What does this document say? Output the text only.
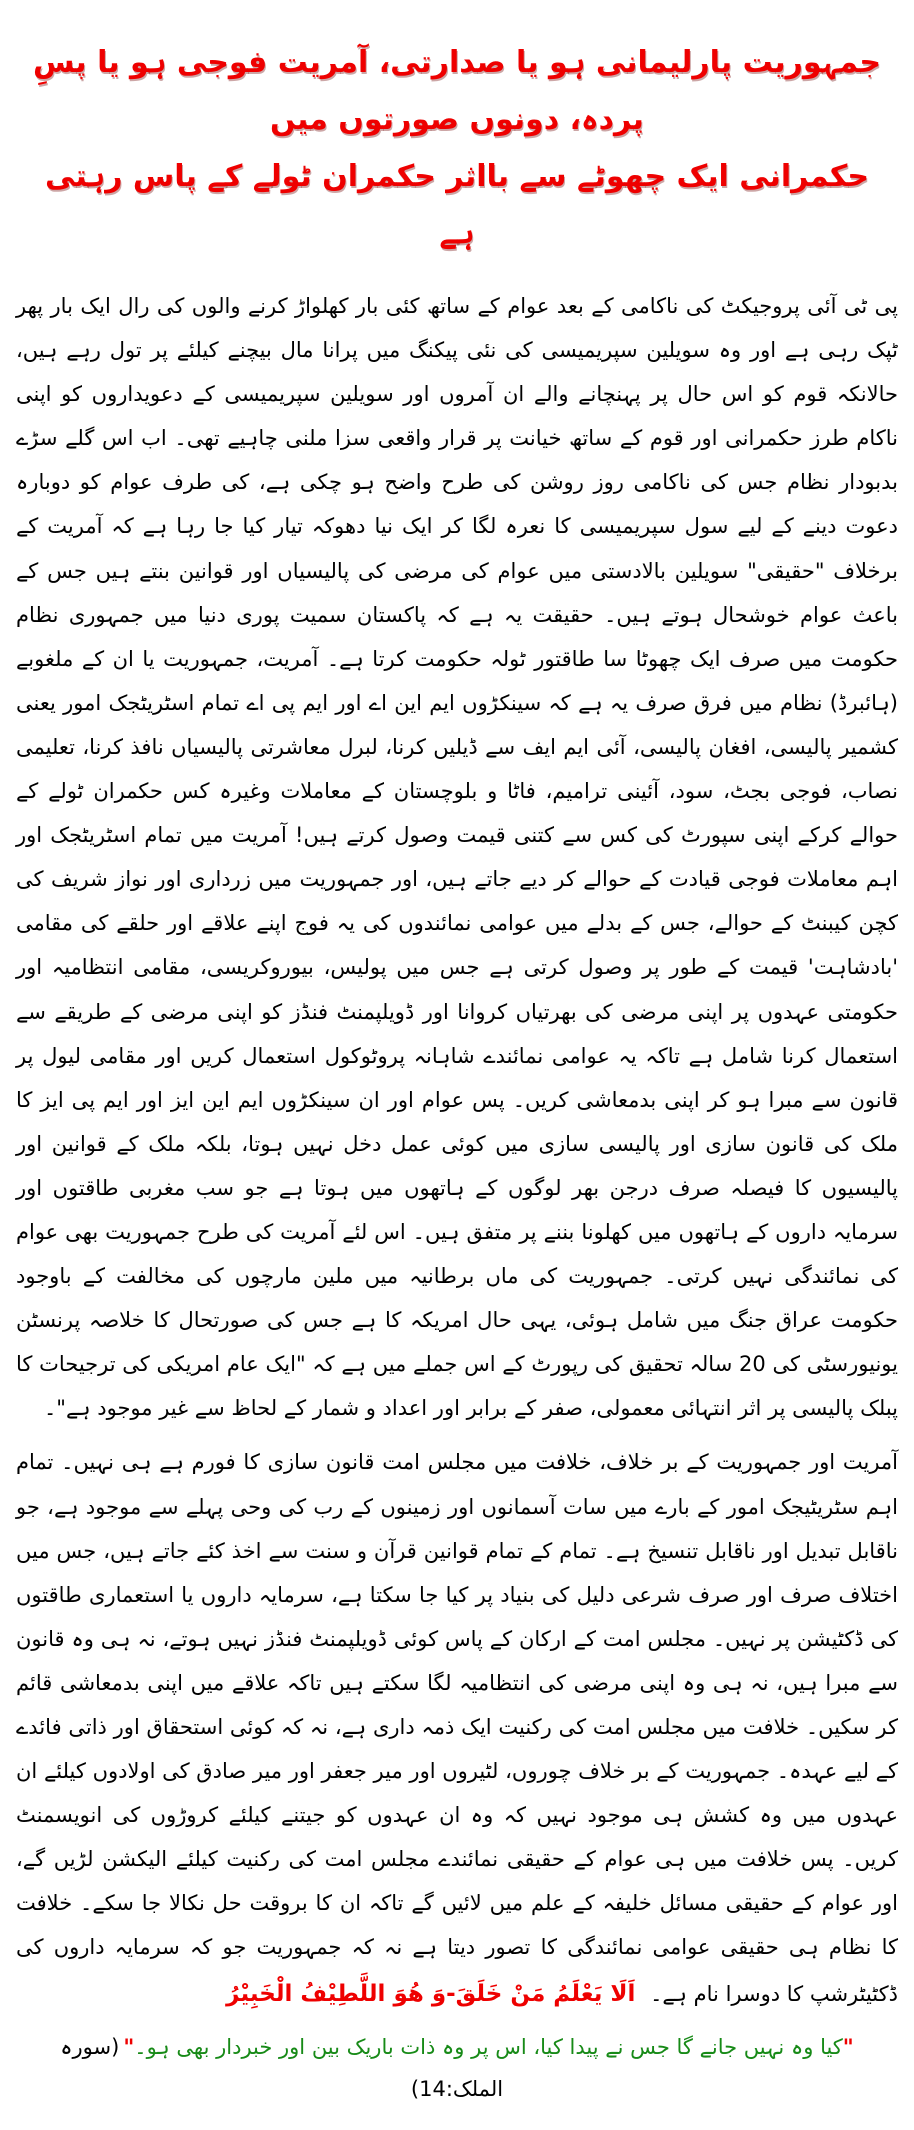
جمہوریت پارلیمانی ہو یا صدارتی، آمریت فوجی ہو یا پسِ پردہ، دونوں صورتوں میں
حکمرانی ایک چھوٹے سے بااثر حکمران ٹولے کے پاس رہتی ہے

پی ٹی آئی پروجیکٹ کی ناکامی کے بعد عوام کے ساتھ کئی بار کھلواڑ کرنے والوں کی رال ایک بار پھر ٹپک رہی ہے اور وہ سویلین سپریمیسی کی نئی پیکنگ میں پرانا مال بیچنے کیلئے پر تول رہے ہیں، حالانکہ قوم کو اس حال پر پہنچانے والے ان آمروں اور سویلین سپریمیسی کے دعویداروں کو اپنی ناکام طرز حکمرانی اور قوم کے ساتھ خیانت پر قرار واقعی سزا ملنی چاہیے تھی۔ اب اس گلے سڑے بدبودار نظام جس کی ناکامی روز روشن کی طرح واضح ہو چکی ہے، کی طرف عوام کو دوبارہ دعوت دینے کے لیے سول سپریمیسی کا نعرہ لگا کر ایک نیا دھوکہ تیار کیا جا رہا ہے کہ آمریت کے برخلاف "حقیقی" سویلین بالادستی میں عوام کی مرضی کی پالیسیاں اور قوانین بنتے ہیں جس کے باعث عوام خوشحال ہوتے ہیں۔ حقیقت یہ ہے کہ پاکستان سمیت پوری دنیا میں جمہوری نظام حکومت میں صرف ایک چھوٹا سا طاقتور ٹولہ حکومت کرتا ہے۔ آمریت، جمہوریت یا ان کے ملغوبے (ہائبرڈ) نظام میں فرق صرف یہ ہے کہ سینکڑوں ایم این اے اور ایم پی اے تمام اسٹریٹجک امور یعنی کشمیر پالیسی، افغان پالیسی، آئی ایم ایف سے ڈیلیں کرنا، لبرل معاشرتی پالیسیاں نافذ کرنا، تعلیمی نصاب، فوجی بجٹ، سود، آئینی ترامیم، فاٹا و بلوچستان کے معاملات وغیرہ کس حکمران ٹولے کے حوالے کرکے اپنی سپورٹ کی کس سے کتنی قیمت وصول کرتے ہیں! آمریت میں تمام اسٹریٹجک اور اہم معاملات فوجی قیادت کے حوالے کر دیے جاتے ہیں، اور جمہوریت میں زرداری اور نواز شریف کی کچن کیبنٹ کے حوالے، جس کے بدلے میں عوامی نمائندوں کی یہ فوج اپنے علاقے اور حلقے کی مقامی 'بادشاہت' قیمت کے طور پر وصول کرتی ہے جس میں پولیس، بیوروکریسی، مقامی انتظامیہ اور حکومتی عہدوں پر اپنی مرضی کی بھرتیاں کروانا اور ڈویلپمنٹ فنڈز کو اپنی مرضی کے طریقے سے استعمال کرنا شامل ہے تاکہ یہ عوامی نمائندے شاہانہ پروٹوکول استعمال کریں اور مقامی لیول پر قانون سے مبرا ہو کر اپنی بدمعاشی کریں۔ پس عوام اور ان سینکڑوں ایم این ایز اور ایم پی ایز کا ملک کی قانون سازی اور پالیسی سازی میں کوئی عمل دخل نہیں ہوتا، بلکہ ملک کے قوانین اور پالیسیوں کا فیصلہ صرف درجن بھر لوگوں کے ہاتھوں میں ہوتا ہے جو سب مغربی طاقتوں اور سرمایہ داروں کے ہاتھوں میں کھلونا بننے پر متفق ہیں۔ اس لئے آمریت کی طرح جمہوریت بھی عوام کی نمائندگی نہیں کرتی۔ جمہوریت کی ماں برطانیہ میں ملین مارچوں کی مخالفت کے باوجود حکومت عراق جنگ میں شامل ہوئی، یہی حال امریکہ کا ہے جس کی صورتحال کا خلاصہ پرنسٹن یونیورسٹی کی 20 سالہ تحقیق کی رپورٹ کے اس جملے میں ہے کہ "ایک عام امریکی کی ترجیحات کا پبلک پالیسی پر اثر انتہائی معمولی، صفر کے برابر اور اعداد و شمار کے لحاظ سے غیر موجود ہے"۔

آمریت اور جمہوریت کے بر خلاف، خلافت میں مجلس امت قانون سازی کا فورم ہے ہی نہیں۔ تمام اہم سٹریٹیجک امور کے بارے میں سات آسمانوں اور زمینوں کے رب کی وحی پہلے سے موجود ہے، جو ناقابل تبدیل اور ناقابل تنسیخ ہے۔ تمام کے تمام قوانین قرآن و سنت سے اخذ کئے جاتے ہیں، جس میں اختلاف صرف اور صرف شرعی دلیل کی بنیاد پر کیا جا سکتا ہے، سرمایہ داروں یا استعماری طاقتوں کی ڈکٹیشن پر نہیں۔ مجلس امت کے ارکان کے پاس کوئی ڈویلپمنٹ فنڈز نہیں ہوتے، نہ ہی وہ قانون سے مبرا ہیں، نہ ہی وہ اپنی مرضی کی انتظامیہ لگا سکتے ہیں تاکہ علاقے میں اپنی بدمعاشی قائم کر سکیں۔ خلافت میں مجلس امت کی رکنیت ایک ذمہ داری ہے، نہ کہ کوئی استحقاق اور ذاتی فائدے کے لیے عہدہ۔ جمہوریت کے بر خلاف چوروں، لٹیروں اور میر جعفر اور میر صادق کی اولادوں کیلئے ان عہدوں میں وہ کشش ہی موجود نہیں کہ وہ ان عہدوں کو جیتنے کیلئے کروڑوں کی انویسمنٹ کریں۔ پس خلافت میں ہی عوام کے حقیقی نمائندے مجلس امت کی رکنیت کیلئے الیکشن لڑیں گے، اور عوام کے حقیقی مسائل خلیفہ کے علم میں لائیں گے تاکہ ان کا بروقت حل نکالا جا سکے۔ خلافت کا نظام ہی حقیقی عوامی نمائندگی کا تصور دیتا ہے نہ کہ جمہوریت جو کہ سرمایہ داروں کی ڈکٹیٹرشپ کا دوسرا نام ہے۔ اَلَا يَعْلَمُ مَنْ خَلَقَ-وَ هُوَ اللَّطِيْفُ الْخَبِيْرُ

"کیا وہ نہیں جانے گا جس نے پیدا کیا، اس پر وہ ذات باریک بین اور خبردار بھی ہو۔"(سورہ الملک:14)
